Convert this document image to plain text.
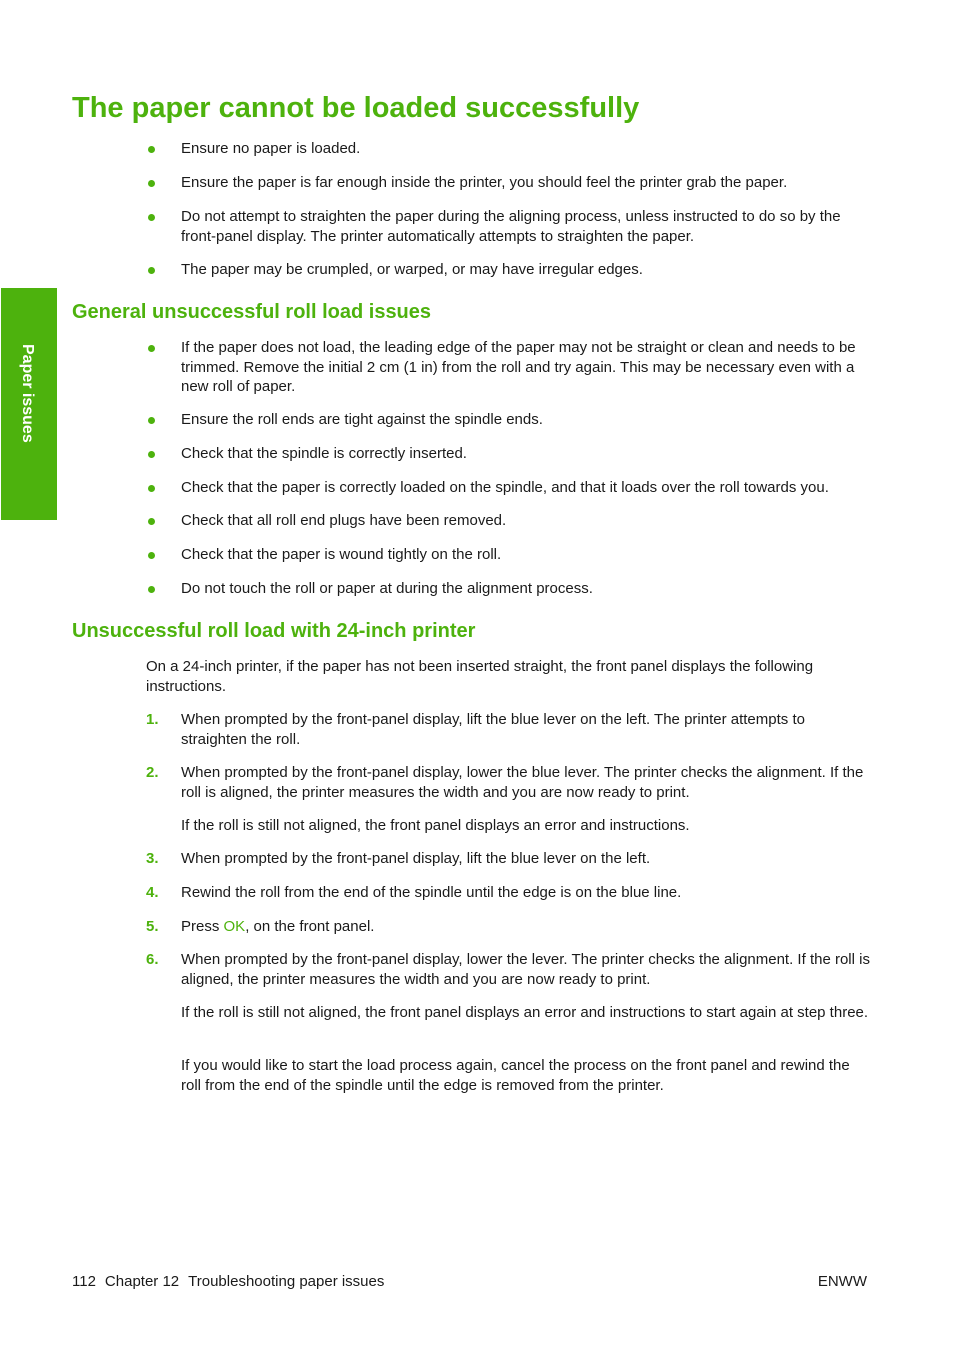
Paper issues
The paper cannot be loaded successfully

Ensure no paper is loaded.

Ensure the paper is far enough inside the printer, you should feel the printer grab the paper.

Do not attempt to straighten the paper during the aligning process, unless instructed to do so by the front-panel display. The printer automatically attempts to straighten the paper.

The paper may be crumpled, or warped, or may have irregular edges.

General unsuccessful roll load issues

If the paper does not load, the leading edge of the paper may not be straight or clean and needs to be trimmed. Remove the initial 2 cm (1 in) from the roll and try again. This may be necessary even with a new roll of paper.

Ensure the roll ends are tight against the spindle ends.

Check that the spindle is correctly inserted.

Check that the paper is correctly loaded on the spindle, and that it loads over the roll towards you.

Check that all roll end plugs have been removed.

Check that the paper is wound tightly on the roll.

Do not touch the roll or paper at during the alignment process.

Unsuccessful roll load with 24-inch printer

On a 24-inch printer, if the paper has not been inserted straight, the front panel displays the following instructions.

1. When prompted by the front-panel display, lift the blue lever on the left. The printer attempts to straighten the roll.

2. When prompted by the front-panel display, lower the blue lever. The printer checks the alignment. If the roll is aligned, the printer measures the width and you are now ready to print.

If the roll is still not aligned, the front panel displays an error and instructions.

3. When prompted by the front-panel display, lift the blue lever on the left.

4. Rewind the roll from the end of the spindle until the edge is on the blue line.

5. Press OK, on the front panel.

6. When prompted by the front-panel display, lower the lever. The printer checks the alignment. If the roll is aligned, the printer measures the width and you are now ready to print.

If the roll is still not aligned, the front panel displays an error and instructions to start again at step three.

If you would like to start the load process again, cancel the process on the front panel and rewind the roll from the end of the spindle until the edge is removed from the printer.

112 Chapter 12 Troubleshooting paper issues	ENWW
